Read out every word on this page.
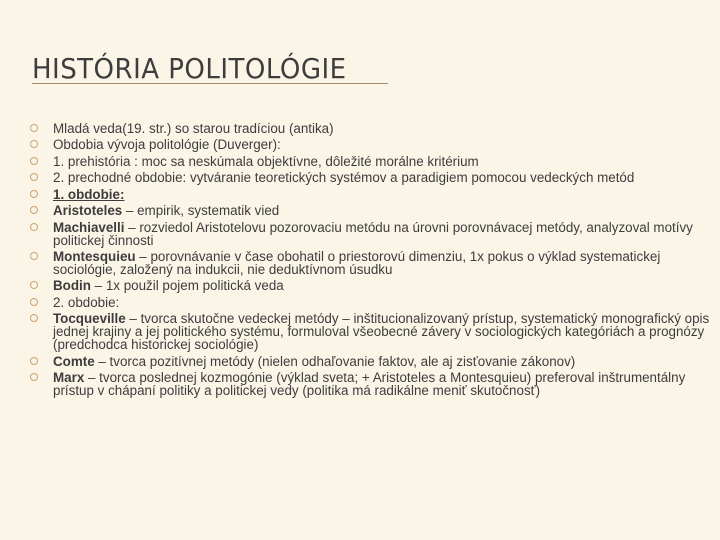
HISTÓRIA POLITOLÓGIE
Mladá veda(19. str.) so starou tradíciou (antika)
Obdobia vývoja politológie (Duverger):
1. prehistória : moc sa neskúmala objektívne, dôležité morálne kritérium
2. prechodné obdobie: vytváranie teoretických systémov a paradigiem pomocou vedeckých metód
1. obdobie:
Aristoteles – empirik, systematik vied
Machiavelli – rozviedol Aristotelovu pozorovaciu metódu na úrovni porovnávacej metódy, analyzoval motívy politickej činnosti
Montesquieu – porovnávanie v čase obohatil o priestorovú dimenziu, 1x pokus o výklad systematickej sociológie, založený na indukcii, nie deduktívnom úsudku
Bodin – 1x použil pojem politická veda
2. obdobie:
Tocqueville – tvorca skutočne vedeckej metódy – inštitucionalizovaný prístup, systematický monografický opis jednej krajiny a jej politického systému, formuloval všeobecné závery v sociologických kategóriách a prognózy (predchodca historickej sociológie)
Comte – tvorca pozitívnej metódy (nielen odhaľovanie faktov, ale aj zisťovanie zákonov)
Marx – tvorca poslednej kozmogónie (výklad sveta; + Aristoteles a Montesquieu) preferoval inštrumentálny prístup v chápaní politiky a politickej vedy (politika má radikálne meniť skutočnosť)
